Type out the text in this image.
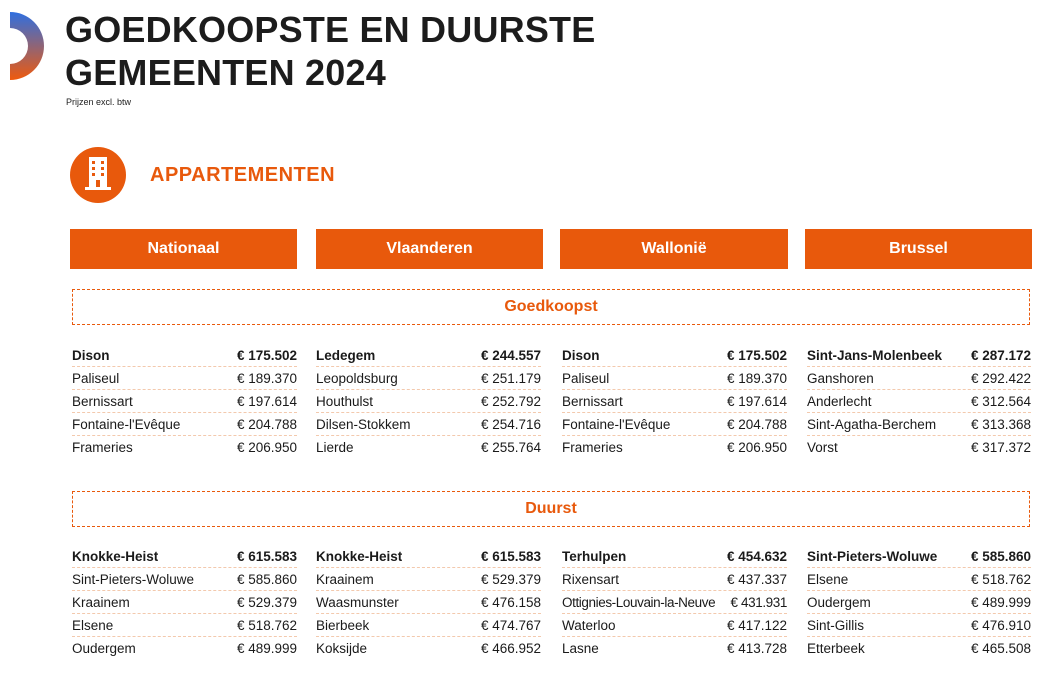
GOEDKOOPSTE EN DUURSTE
GEMEENTEN 2024
Prijzen excl. btw
APPARTEMENTEN
Nationaal	Vlaanderen	Wallonië	Brussel
Goedkoopst
Dison	€ 175.502
Paliseul	€ 189.370
Bernissart	€ 197.614
Fontaine-l'Evêque	€ 204.788
Frameries	€ 206.950
Ledegem	€ 244.557
Leopoldsburg	€ 251.179
Houthulst	€ 252.792
Dilsen-Stokkem	€ 254.716
Lierde	€ 255.764
Dison	€ 175.502
Paliseul	€ 189.370
Bernissart	€ 197.614
Fontaine-l'Evêque	€ 204.788
Frameries	€ 206.950
Sint-Jans-Molenbeek € 287.172
Ganshoren	€ 292.422
Anderlecht	€ 312.564
Sint-Agatha-Berchem	€ 313.368
Vorst	€ 317.372
Duurst
Knokke-Heist	€ 615.583
Sint-Pieters-Woluwe	€ 585.860
Kraainem	€ 529.379
Elsene	€ 518.762
Oudergem	€ 489.999
Knokke-Heist	€ 615.583
Kraainem	€ 529.379
Waasmunster	€ 476.158
Bierbeek	€ 474.767
Koksijde	€ 466.952
Terhulpen	€ 454.632
Rixensart	€ 437.337
Ottignies-Louvain-la-Neuve € 431.931
Waterloo	€ 417.122
Lasne	€ 413.728
Sint-Pieters-Woluwe € 585.860
Elsene	€ 518.762
Oudergem	€ 489.999
Sint-Gillis	€ 476.910
Etterbeek	€ 465.508
